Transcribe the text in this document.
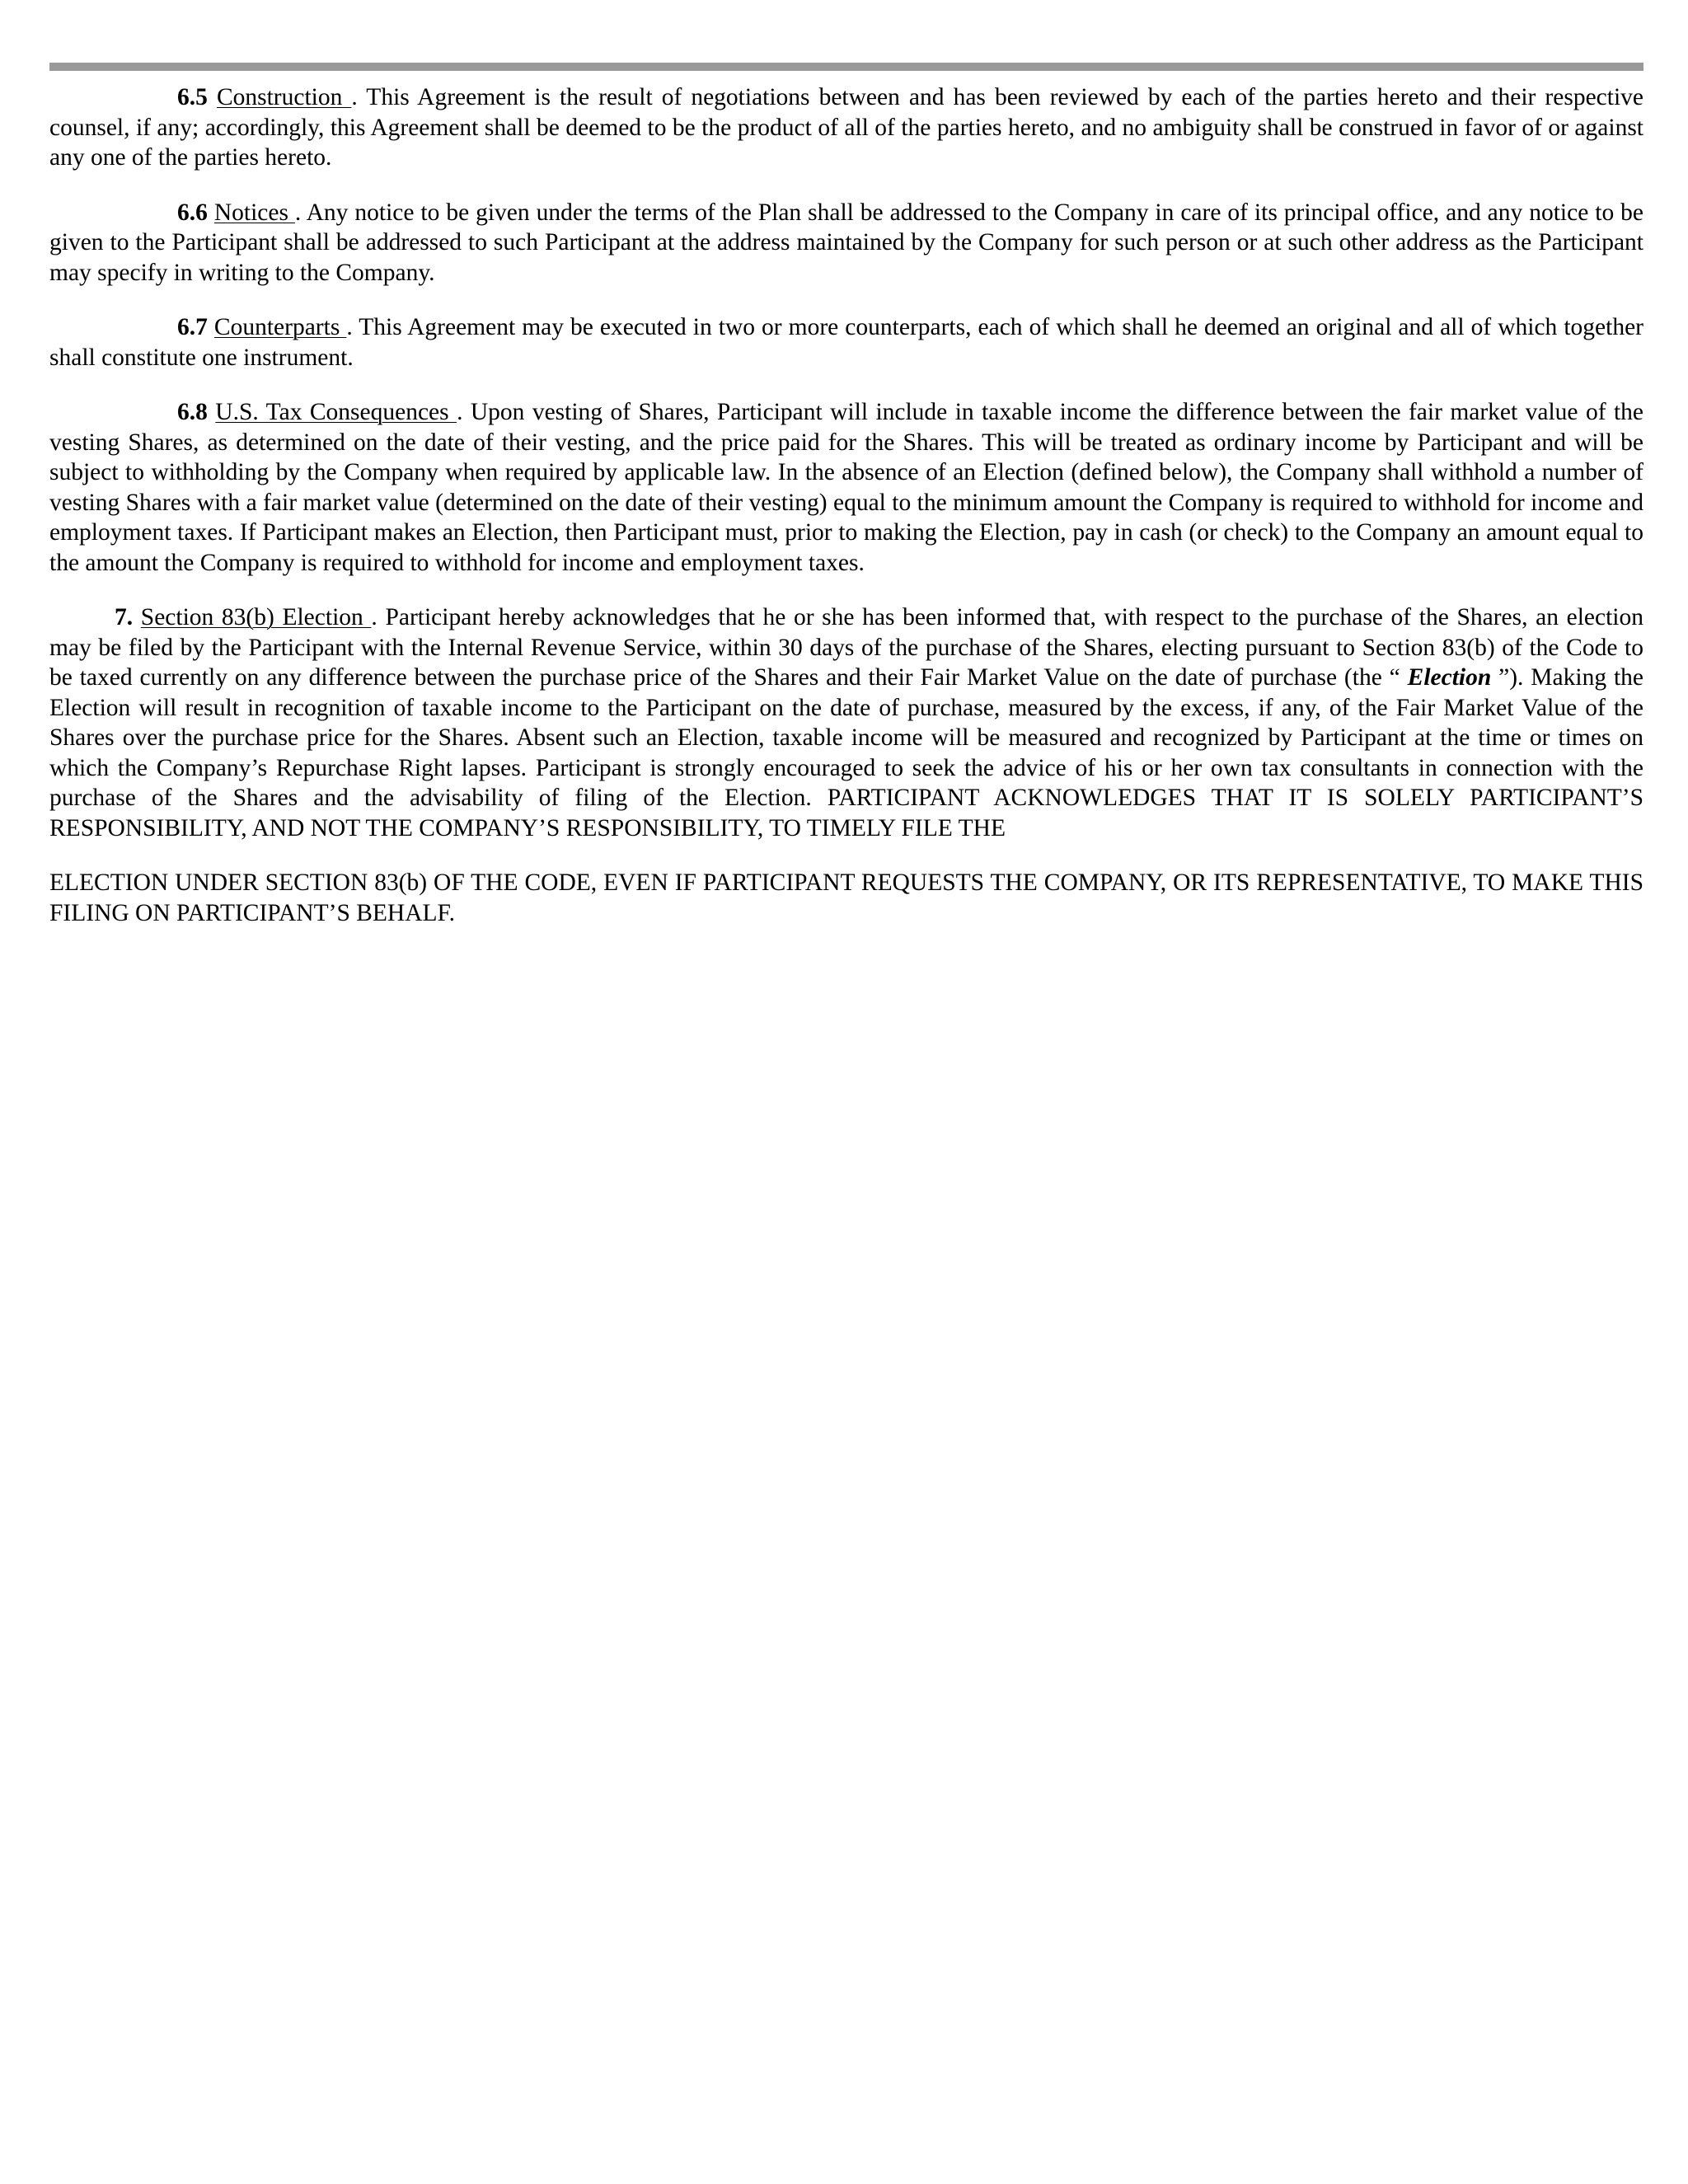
6.5 Construction . This Agreement is the result of negotiations between and has been reviewed by each of the parties hereto and their respective counsel, if any; accordingly, this Agreement shall be deemed to be the product of all of the parties hereto, and no ambiguity shall be construed in favor of or against any one of the parties hereto.

6.6 Notices . Any notice to be given under the terms of the Plan shall be addressed to the Company in care of its principal office, and any notice to be given to the Participant shall be addressed to such Participant at the address maintained by the Company for such person or at such other address as the Participant may specify in writing to the Company.

6.7 Counterparts . This Agreement may be executed in two or more counterparts, each of which shall he deemed an original and all of which together shall constitute one instrument.

6.8 U.S. Tax Consequences . Upon vesting of Shares, Participant will include in taxable income the difference between the fair market value of the vesting Shares, as determined on the date of their vesting, and the price paid for the Shares. This will be treated as ordinary income by Participant and will be subject to withholding by the Company when required by applicable law. In the absence of an Election (defined below), the Company shall withhold a number of vesting Shares with a fair market value (determined on the date of their vesting) equal to the minimum amount the Company is required to withhold for income and employment taxes. If Participant makes an Election, then Participant must, prior to making the Election, pay in cash (or check) to the Company an amount equal to the amount the Company is required to withhold for income and employment taxes.

7. Section 83(b) Election . Participant hereby acknowledges that he or she has been informed that, with respect to the purchase of the Shares, an election may be filed by the Participant with the Internal Revenue Service, within 30 days of the purchase of the Shares, electing pursuant to Section 83(b) of the Code to be taxed currently on any difference between the purchase price of the Shares and their Fair Market Value on the date of purchase (the “ Election ”). Making the Election will result in recognition of taxable income to the Participant on the date of purchase, measured by the excess, if any, of the Fair Market Value of the Shares over the purchase price for the Shares. Absent such an Election, taxable income will be measured and recognized by Participant at the time or times on which the Company’s Repurchase Right lapses. Participant is strongly encouraged to seek the advice of his or her own tax consultants in connection with the purchase of the Shares and the advisability of filing of the Election. PARTICIPANT ACKNOWLEDGES THAT IT IS SOLELY PARTICIPANT’S RESPONSIBILITY, AND NOT THE COMPANY’S RESPONSIBILITY, TO TIMELY FILE THE

ELECTION UNDER SECTION 83(b) OF THE CODE, EVEN IF PARTICIPANT REQUESTS THE COMPANY, OR ITS REPRESENTATIVE, TO MAKE THIS FILING ON PARTICIPANT’S BEHALF.
